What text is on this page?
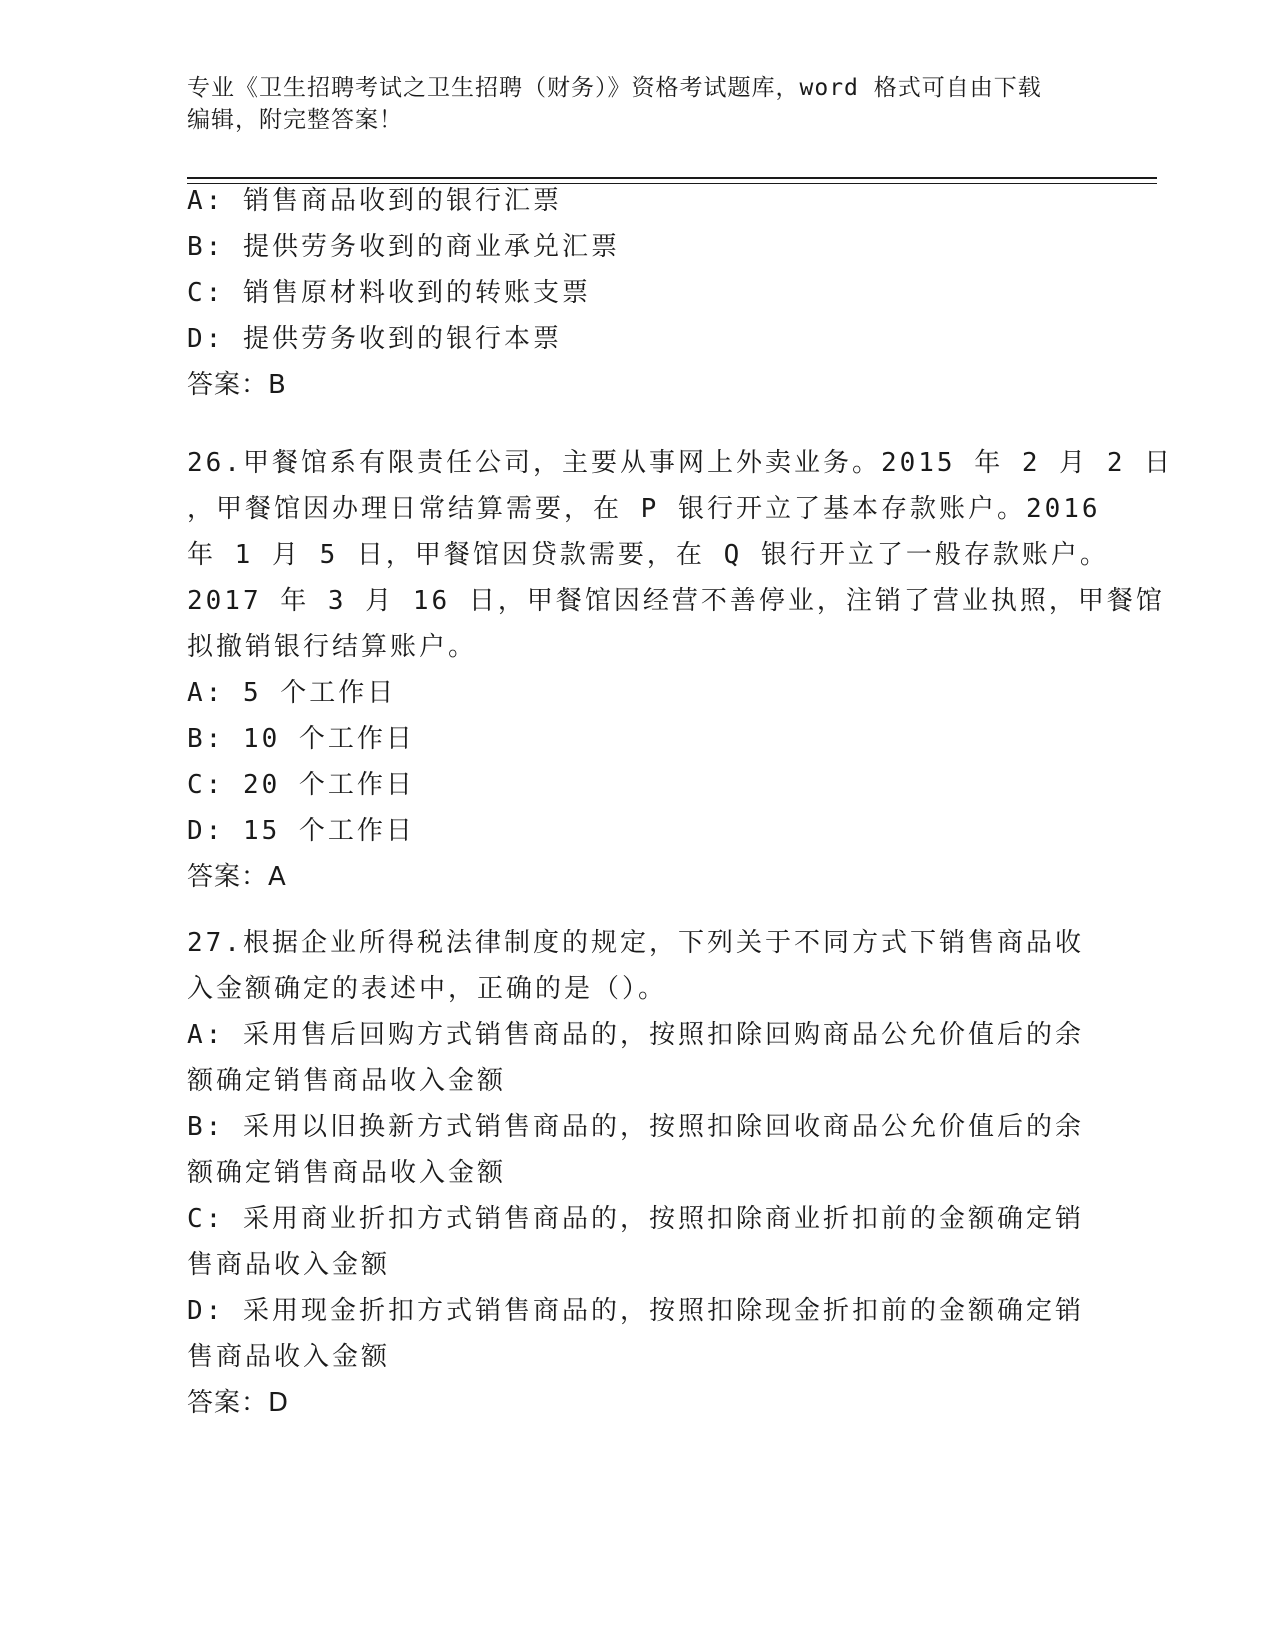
专业《卫生招聘考试之卫生招聘（财务）》资格考试题库，word 格式可自由下载
编辑，附完整答案！
A: 销售商品收到的银行汇票
B: 提供劳务收到的商业承兑汇票
C: 销售原材料收到的转账支票
D: 提供劳务收到的银行本票
答案：B
26.甲餐馆系有限责任公司，主要从事网上外卖业务。2015 年 2 月 2 日
，甲餐馆因办理日常结算需要，在 P 银行开立了基本存款账户。2016
年 1 月 5 日，甲餐馆因贷款需要，在 Q 银行开立了一般存款账户。
2017 年 3 月 16 日，甲餐馆因经营不善停业，注销了营业执照，甲餐馆
拟撤销银行结算账户。
A: 5 个工作日
B: 10 个工作日
C: 20 个工作日
D: 15 个工作日
答案：A
27.根据企业所得税法律制度的规定，下列关于不同方式下销售商品收
入金额确定的表述中，正确的是（）。
A: 采用售后回购方式销售商品的，按照扣除回购商品公允价值后的余
额确定销售商品收入金额
B: 采用以旧换新方式销售商品的，按照扣除回收商品公允价值后的余
额确定销售商品收入金额
C: 采用商业折扣方式销售商品的，按照扣除商业折扣前的金额确定销
售商品收入金额
D: 采用现金折扣方式销售商品的，按照扣除现金折扣前的金额确定销
售商品收入金额
答案：D
